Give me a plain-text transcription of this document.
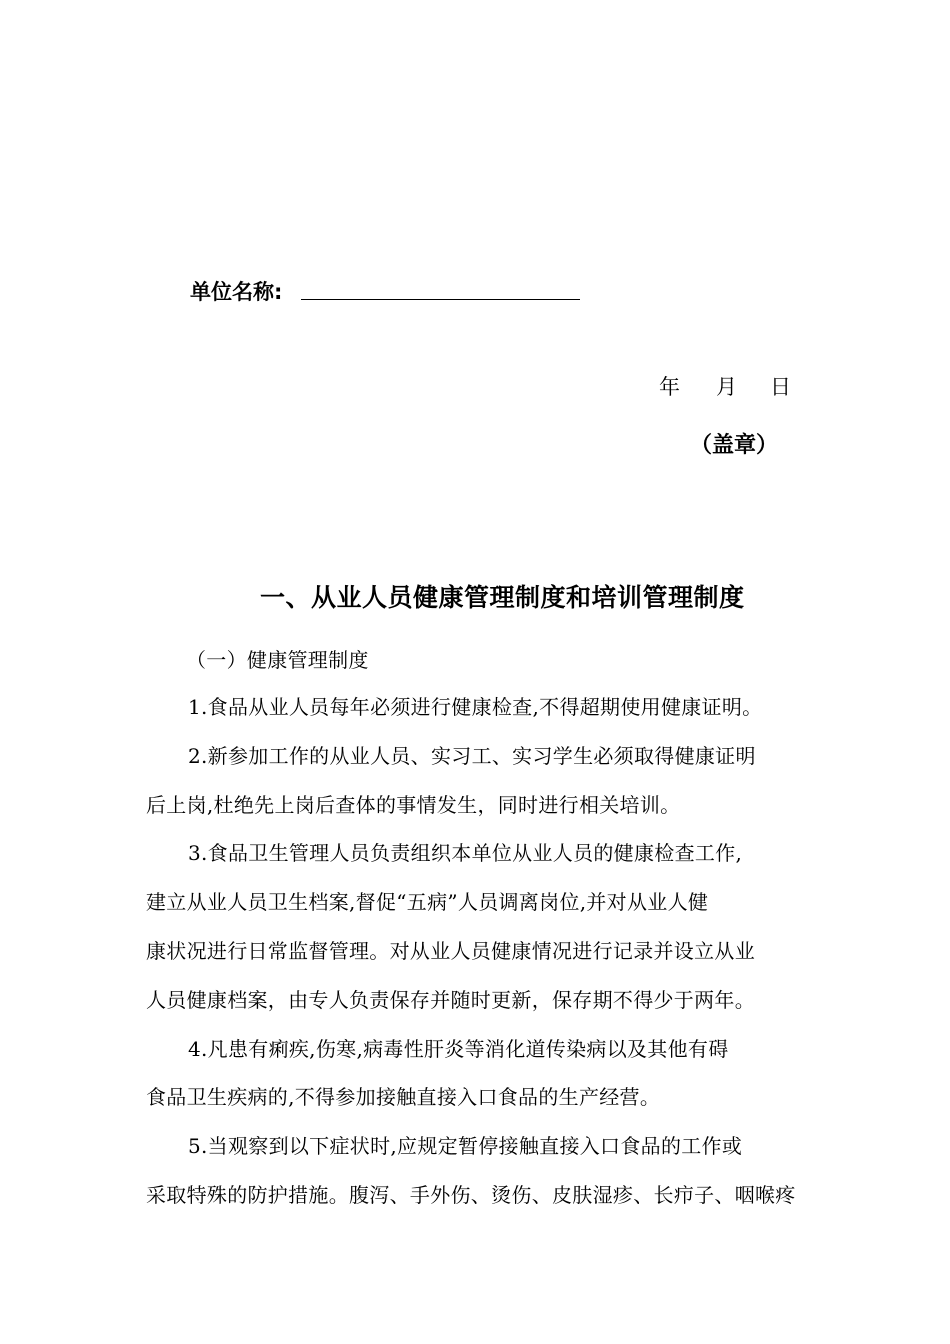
单位名称:
年 月 日
（盖章）
一、从业人员健康管理制度和培训管理制度
（一）健康管理制度
1.食品从业人员每年必须进行健康检查,不得超期使用健康证明。
2.新参加工作的从业人员、实习工、实习学生必须取得健康证明
后上岗,杜绝先上岗后查体的事情发生，同时进行相关培训。
3.食品卫生管理人员负责组织本单位从业人员的健康检查工作,
建立从业人员卫生档案,督促“五病”人员调离岗位,并对从业人健
康状况进行日常监督管理。对从业人员健康情况进行记录并设立从业
人员健康档案，由专人负责保存并随时更新，保存期不得少于两年。
4.凡患有痢疾,伤寒,病毒性肝炎等消化道传染病以及其他有碍
食品卫生疾病的,不得参加接触直接入口食品的生产经营。
5.当观察到以下症状时,应规定暂停接触直接入口食品的工作或
采取特殊的防护措施。腹泻、手外伤、烫伤、皮肤湿疹、长疖子、咽喉疼
